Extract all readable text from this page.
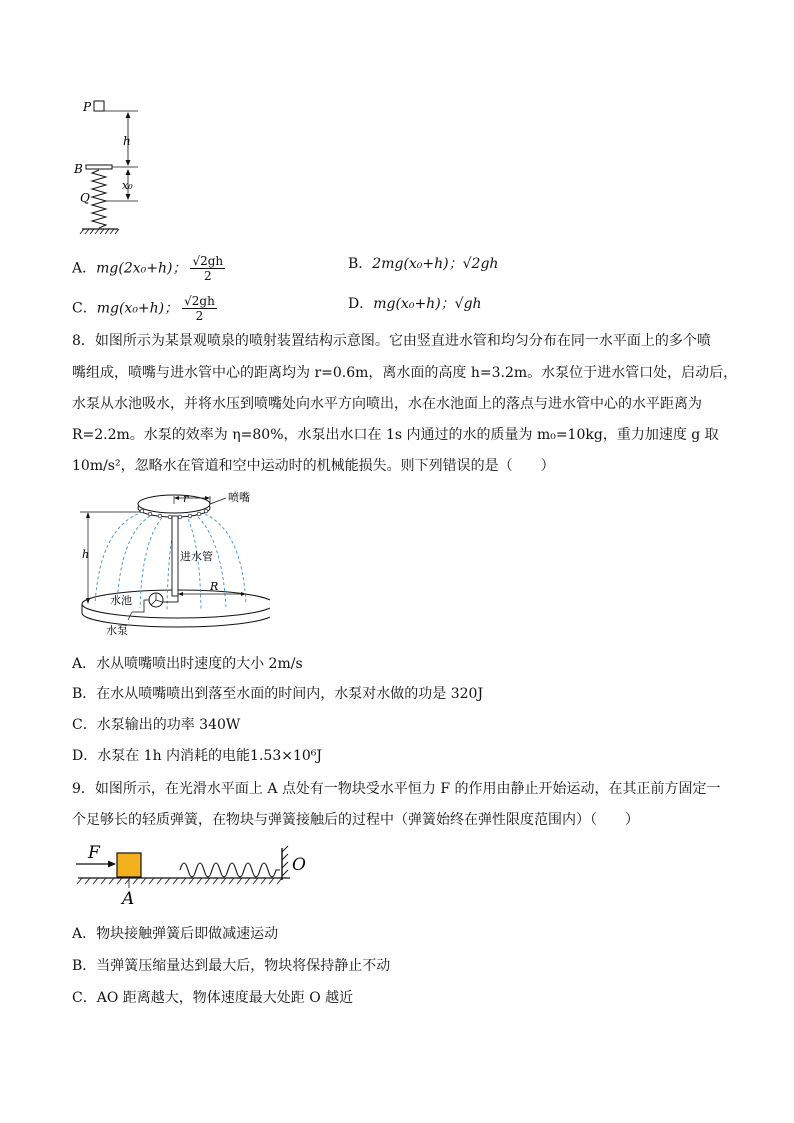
P
B
Q
h
x₀
A．mg(2x₀+h)； $\frac{√2gh}{2}$	B．2mg(x₀+h)；√2gh
C．mg(x₀+h)； $\frac{√2gh}{2}$	D．mg(x₀+h)；√gh
8．如图所示为某景观喷泉的喷射装置结构示意图。它由竖直进水管和均匀分布在同一水平面上的多个喷
嘴组成，喷嘴与进水管中心的距离均为 r=0.6m，离水面的高度 h=3.2m。水泵位于进水管口处，启动后，
水泵从水池吸水，并将水压到喷嘴处向水平方向喷出，水在水池面上的落点与进水管中心的水平距离为
R=2.2m。水泵的效率为 η=80%，水泵出水口在 1s 内通过的水的质量为 m₀=10kg，重力加速度 g 取
10m/s²，忽略水在管道和空中运动时的机械能损失。则下列错误的是（　　）
r	喷嘴
h	进水管
水池
R
水泵
A．水从喷嘴喷出时速度的大小 2m/s
B．在水从喷嘴喷出到落至水面的时间内，水泵对水做的功是 320J
C．水泵输出的功率 340W
D．水泵在 1h 内消耗的电能1.53×10⁶J
9．如图所示，在光滑水平面上 A 点处有一物块受水平恒力 F 的作用由静止开始运动，在其正前方固定一
个足够长的轻质弹簧，在物块与弹簧接触后的过程中（弹簧始终在弹性限度范围内）（　　）
F
A
O
A．物块接触弹簧后即做减速运动
B．当弹簧压缩量达到最大后，物块将保持静止不动
C．AO 距离越大，物体速度最大处距 O 越近
